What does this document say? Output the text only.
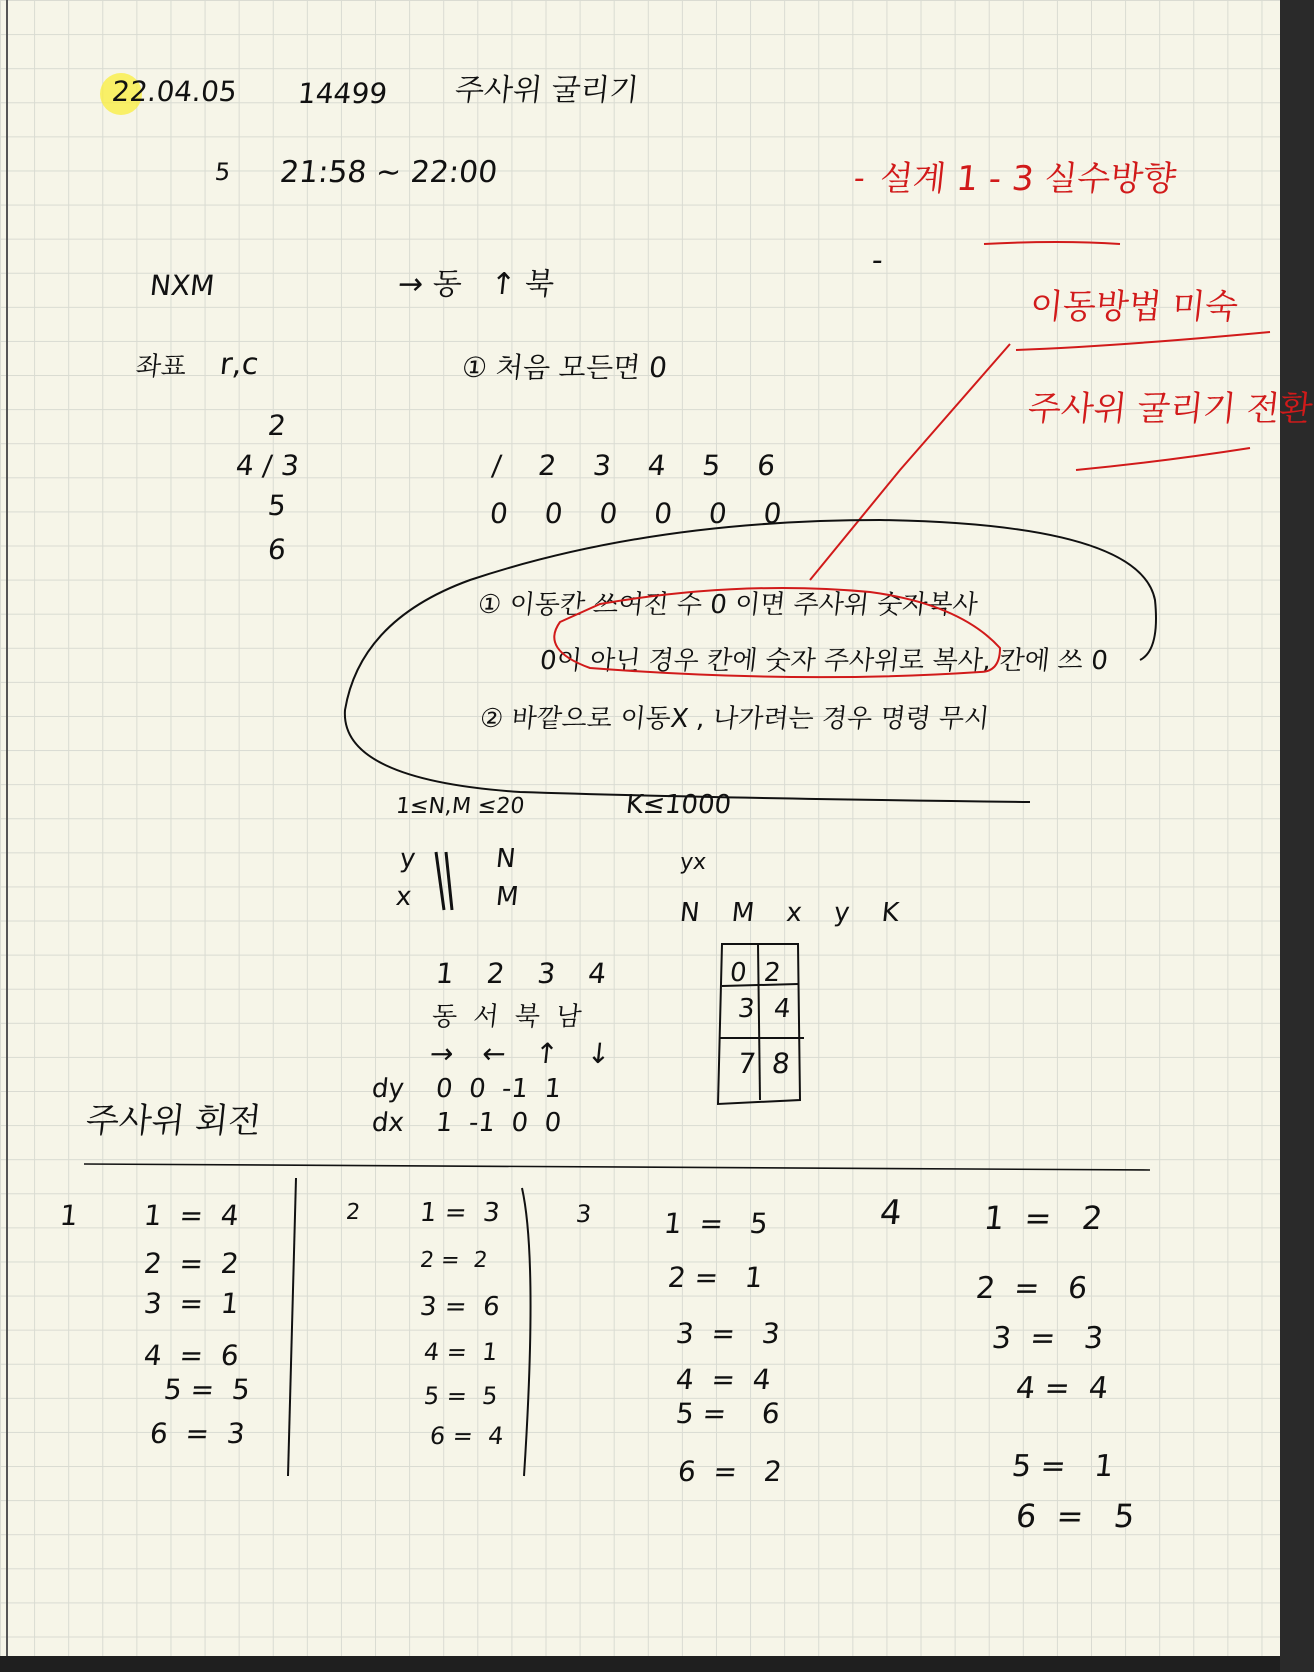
22.04.05 14499 주사위 굴리기
5 21:58 ~ 22:00	- 설계 1 - 3 실수방향
-
이동방법 미숙
주사위 굴리기 전환
NXM	→ 동   ↑ 북
좌표 r,c	① 처음 모든면 0
2
4 / 3
5
6
/ 2 3 4 5 6
0 0 0 0 0 0
① 이동칸 쓰여진 수 0 이면 주사위 숫자복사
0이 아닌 경우 칸에 숫자 주사위로 복사, 칸에 쓰 0
② 바깥으로 이동X , 나가려는 경우 명령 무시
1≤N,M ≤20	K≤1000
y
x
N
M
yx
N M x y K
1 2 3 4
동 서 북 남
→ ← ↑ ↓
dy 0  0  -1  1
dx 1  -1  0  0
0 2
3 4
7 8
주사위 회전
1 1  =  4
2  =  2
3  =  1
4  =  6
5 =  5
6  =  3
2 1 =  3
2 =  2
3 =  6
4 =  1
5 =  5
6 =  4
3 1  =   5
2 =   1
3  =   3
4  =  4
5 =    6
6  =   2
4 1  =   2
2  =   6
3  =   3
4 =  4
5 =   1
6  =   5
